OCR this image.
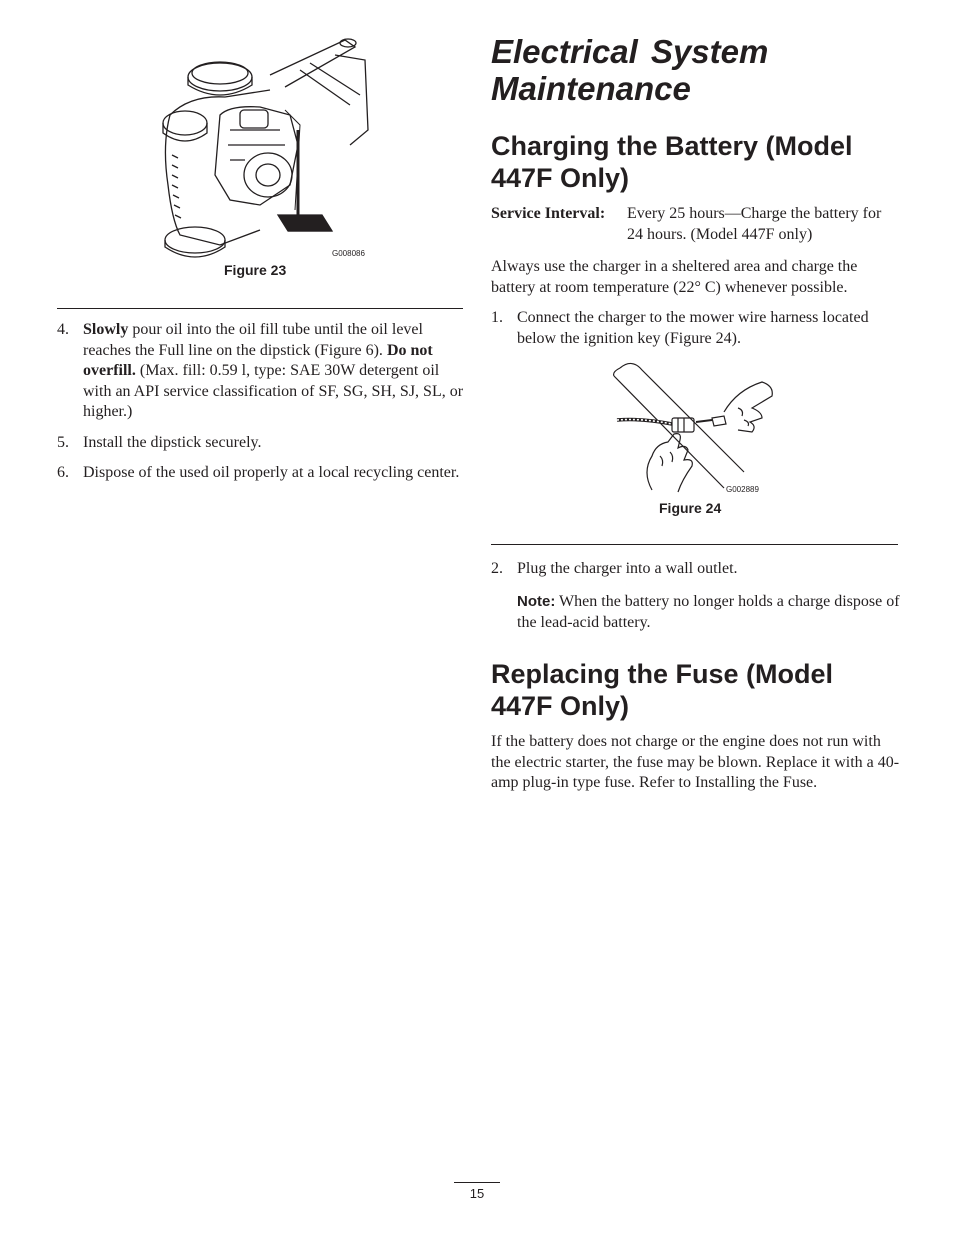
G008086
Figure 23
4. Slowly pour oil into the oil fill tube until the oil level reaches the Full line on the dipstick (Figure 6). Do not overfill. (Max. fill: 0.59 l, type: SAE 30W detergent oil with an API service classification of SF, SG, SH, SJ, SL, or higher.)
5. Install the dipstick securely.
6. Dispose of the used oil properly at a local recycling center.
Electrical System Maintenance
Charging the Battery (Model 447F Only)
Service Interval: Every 25 hours—Charge the battery for 24 hours. (Model 447F only)

Always use the charger in a sheltered area and charge the battery at room temperature (22° C) whenever possible.

1. Connect the charger to the mower wire harness located below the ignition key (Figure 24).
G002889
Figure 24
2. Plug the charger into a wall outlet.
Note: When the battery no longer holds a charge dispose of the lead-acid battery.
Replacing the Fuse (Model 447F Only)

If the battery does not charge or the engine does not run with the electric starter, the fuse may be blown. Replace it with a 40-amp plug-in type fuse. Refer to Installing the Fuse.

15
